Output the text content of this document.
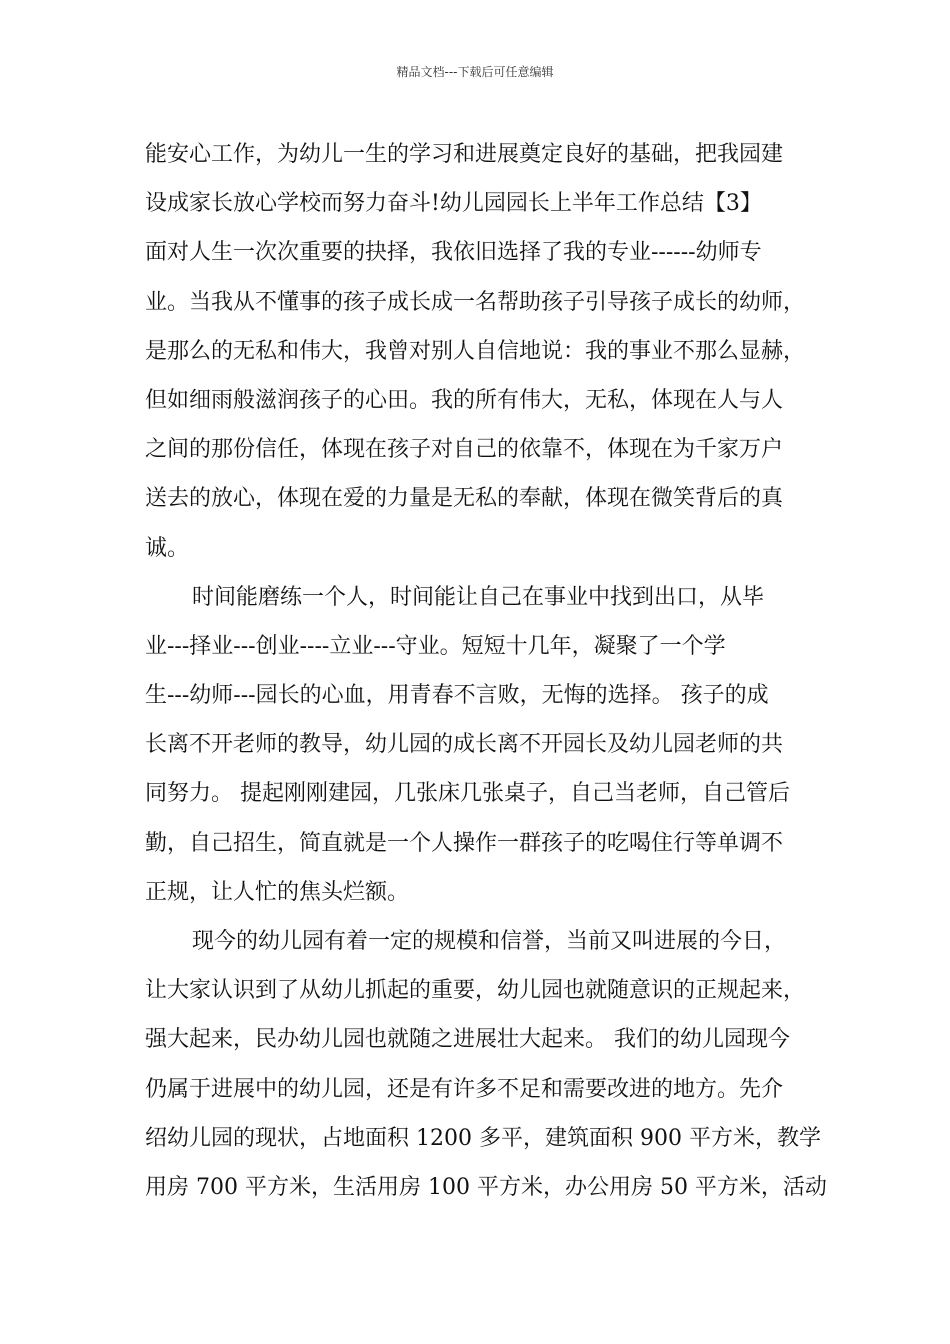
精品文档---下载后可任意编辑
能安心工作，为幼儿一生的学习和进展奠定良好的基础，把我园建
设成家长放心学校而努力奋斗!幼儿园园长上半年工作总结【3】
面对人生一次次重要的抉择，我依旧选择了我的专业------幼师专
业。当我从不懂事的孩子成长成一名帮助孩子引导孩子成长的幼师，
是那么的无私和伟大，我曾对别人自信地说：我的事业不那么显赫，
但如细雨般滋润孩子的心田。我的所有伟大，无私，体现在人与人
之间的那份信任，体现在孩子对自己的依靠不，体现在为千家万户
送去的放心，体现在爱的力量是无私的奉献，体现在微笑背后的真
诚。
时间能磨练一个人，时间能让自己在事业中找到出口，从毕
业---择业---创业----立业---守业。短短十几年，凝聚了一个学
生---幼师---园长的心血，用青春不言败，无悔的选择。 孩子的成
长离不开老师的教导，幼儿园的成长离不开园长及幼儿园老师的共
同努力。 提起刚刚建园，几张床几张桌子，自己当老师，自己管后
勤，自己招生，简直就是一个人操作一群孩子的吃喝住行等单调不
正规，让人忙的焦头烂额。
现今的幼儿园有着一定的规模和信誉，当前又叫进展的今日，
让大家认识到了从幼儿抓起的重要，幼儿园也就随意识的正规起来，
强大起来，民办幼儿园也就随之进展壮大起来。 我们的幼儿园现今
仍属于进展中的幼儿园，还是有许多不足和需要改进的地方。先介
绍幼儿园的现状，占地面积 1200 多平，建筑面积 900 平方米，教学
用房 700 平方米，生活用房 100 平方米，办公用房 50 平方米，活动
